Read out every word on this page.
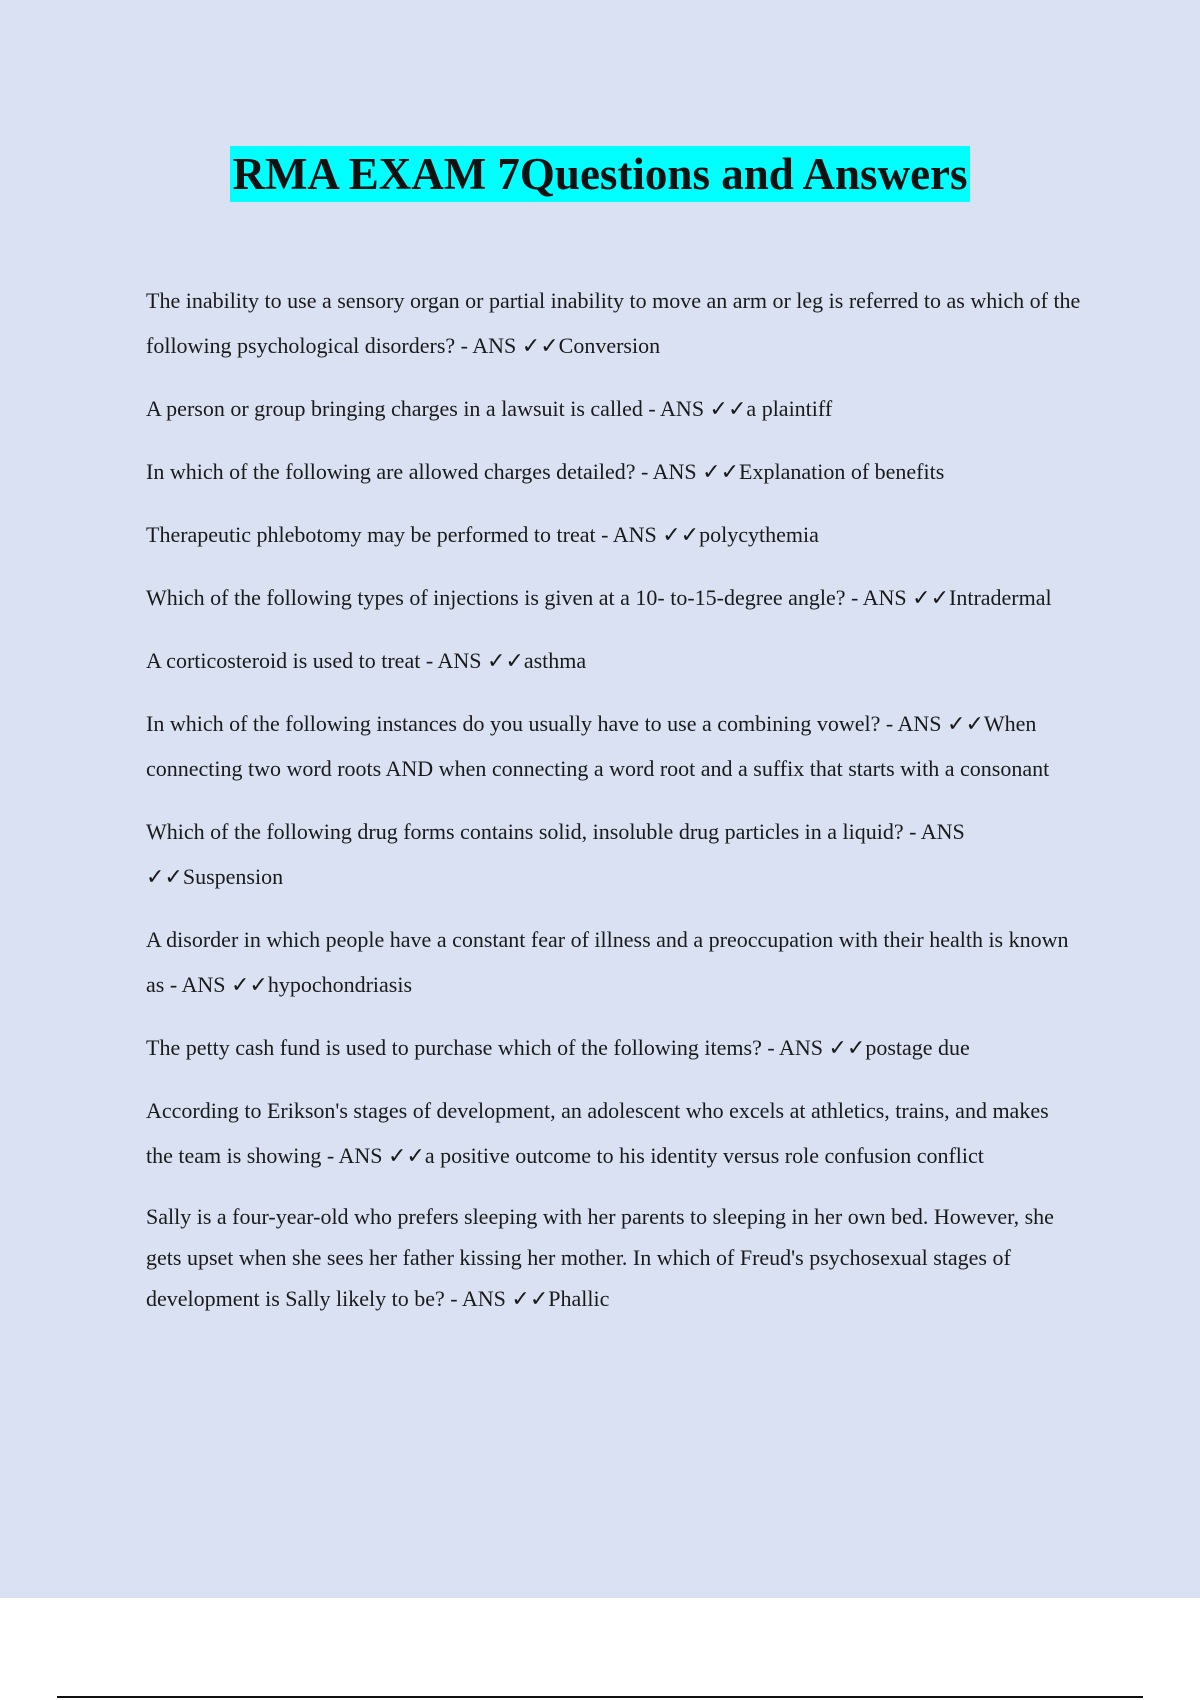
RMA EXAM 7Questions and Answers

The inability to use a sensory organ or partial inability to move an arm or leg is referred to as which of the following psychological disorders? - ANS ✓✓Conversion

A person or group bringing charges in a lawsuit is called - ANS ✓✓a plaintiff

In which of the following are allowed charges detailed? - ANS ✓✓Explanation of benefits

Therapeutic phlebotomy may be performed to treat - ANS ✓✓polycythemia

Which of the following types of injections is given at a 10- to-15-degree angle? - ANS ✓✓Intradermal

A corticosteroid is used to treat - ANS ✓✓asthma

In which of the following instances do you usually have to use a combining vowel? - ANS ✓✓When connecting two word roots AND when connecting a word root and a suffix that starts with a consonant

Which of the following drug forms contains solid, insoluble drug particles in a liquid? - ANS ✓✓Suspension

A disorder in which people have a constant fear of illness and a preoccupation with their health is known as - ANS ✓✓hypochondriasis

The petty cash fund is used to purchase which of the following items? - ANS ✓✓postage due

According to Erikson's stages of development, an adolescent who excels at athletics, trains, and makes the team is showing - ANS ✓✓a positive outcome to his identity versus role confusion conflict

Sally is a four-year-old who prefers sleeping with her parents to sleeping in her own bed. However, she gets upset when she sees her father kissing her mother. In which of Freud's psychosexual stages of development is Sally likely to be? - ANS ✓✓Phallic
